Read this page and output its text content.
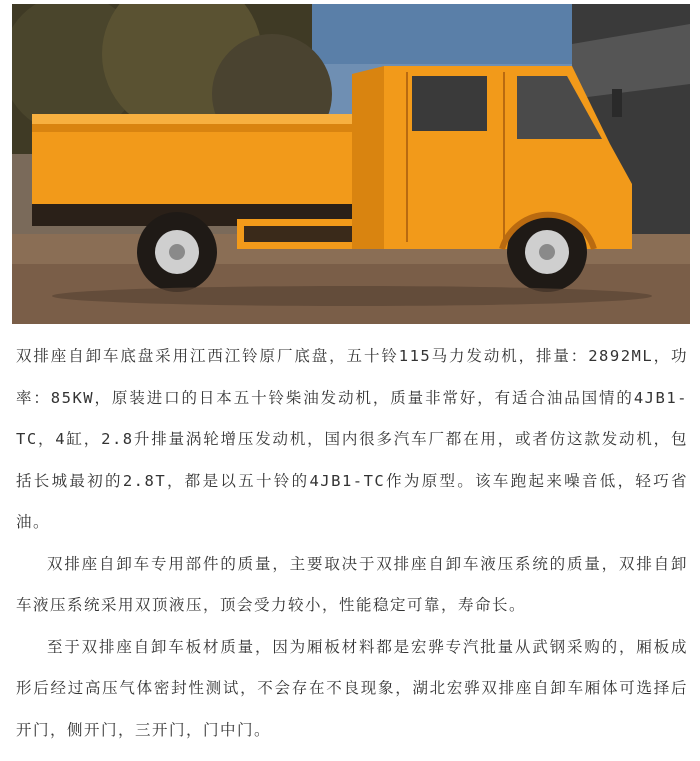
双排座自卸车底盘采用江西江铃原厂底盘，五十铃115马力发动机，排量：2892ML，功率：85KW，原装进口的日本五十铃柴油发动机，质量非常好，有适合油品国情的4JB1-TC，4缸，2.8升排量涡轮增压发动机，国内很多汽车厂都在用，或者仿这款发动机，包括长城最初的2.8T，都是以五十铃的4JB1-TC作为原型。该车跑起来噪音低，轻巧省油。

双排座自卸车专用部件的质量，主要取决于双排座自卸车液压系统的质量，双排自卸车液压系统采用双顶液压，顶会受力较小，性能稳定可靠，寿命长。

至于双排座自卸车板材质量，因为厢板材料都是宏骅专汽批量从武钢采购的，厢板成形后经过高压气体密封性测试，不会存在不良现象，湖北宏骅双排座自卸车厢体可选择后开门，侧开门，三开门，门中门。
